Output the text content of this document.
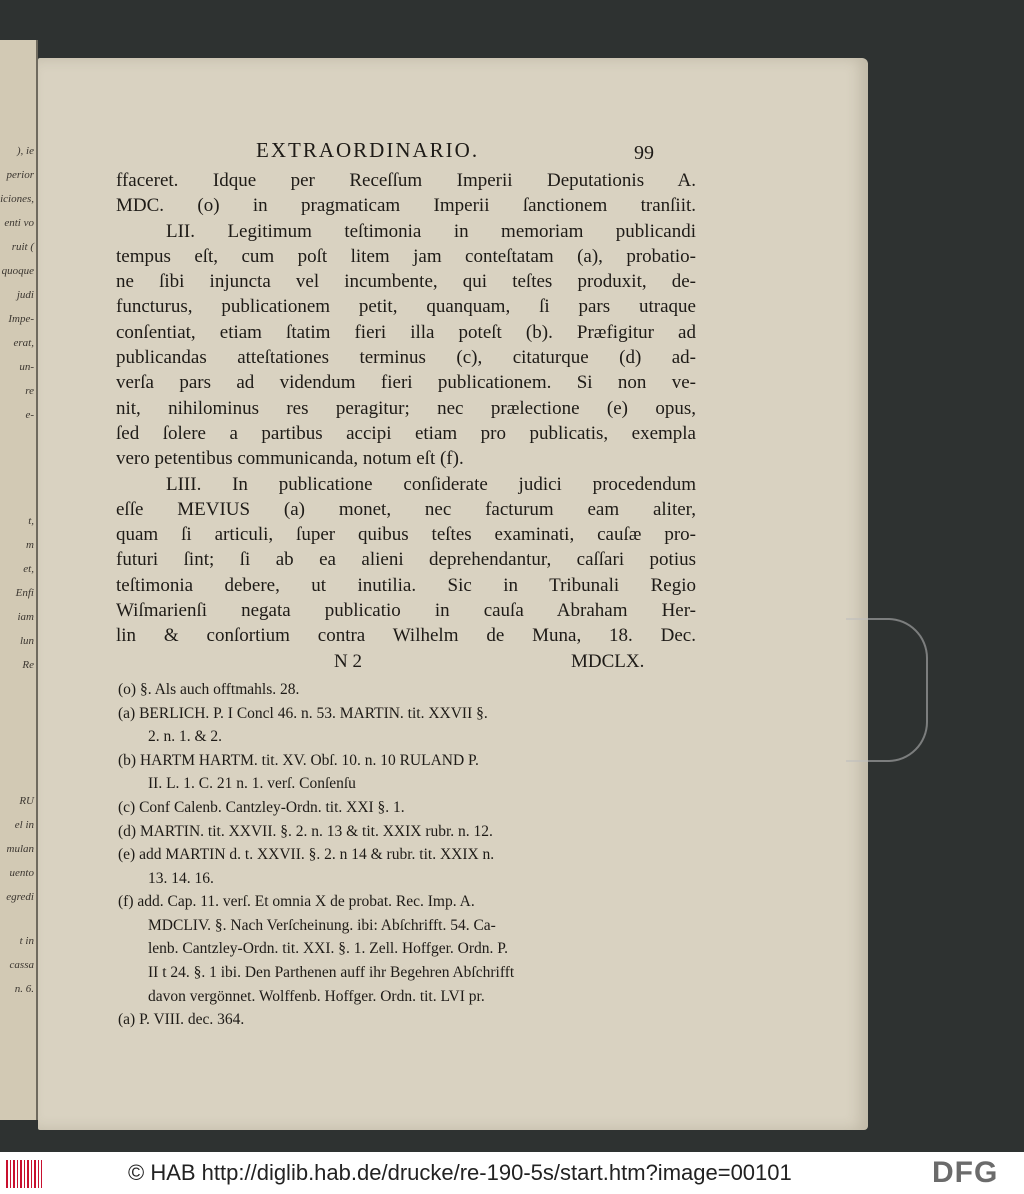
), ie
perior
iciones,
enti vo
ruit (
quoque
judi
Impe-
erat,
un-
re
e-
t,
m
et,
Enfi
iam
lun
Re
RU
el in
mulan
uento
egredi
t in
cassa
n. 6.
EXTRAORDINARIO.	99
ffaceret. Idque per Receſſum Imperii Deputationis A.
MDC. (o) in pragmaticam Imperii ſanctionem tranſiit.
LII. Legitimum teſtimonia in memoriam publicandi
tempus eſt, cum poſt litem jam conteſtatam (a), probatio-
ne ſibi injuncta vel incumbente, qui teſtes produxit, de-
functurus, publicationem petit, quanquam, ſi pars utraque
conſentiat, etiam ſtatim fieri illa poteſt (b). Præfigitur ad
publicandas atteſtationes terminus (c), citaturque (d) ad-
verſa pars ad videndum fieri publicationem. Si non ve-
nit, nihilominus res peragitur; nec prælectione (e) opus,
ſed ſolere a partibus accipi etiam pro publicatis, exempla
vero petentibus communicanda, notum eſt (f).
LIII. In publicatione conſiderate judici procedendum
eſſe MEVIUS (a) monet, nec facturum eam aliter,
quam ſi articuli, ſuper quibus teſtes examinati, cauſæ pro-
futuri ſint; ſi ab ea alieni deprehendantur, caſſari potius
teſtimonia debere, ut inutilia. Sic in Tribunali Regio
Wiſmarienſi negata publicatio in cauſa Abraham Her-
lin & conſortium contra Wilhelm de Muna, 18. Dec.
N 2                                            MDCLX.
(o) §. Als auch offtmahls. 28.
(a) BERLICH. P. I Concl 46. n. 53. MARTIN. tit. XXVII §.
2. n. 1. & 2.
(b) HARTM HARTM. tit. XV. Obſ. 10. n. 10 RULAND P.
II. L. 1. C. 21 n. 1. verſ. Conſenſu
(c) Conf Calenb. Cantzley-Ordn. tit. XXI §. 1.
(d) MARTIN. tit. XXVII. §. 2. n. 13 & tit. XXIX rubr. n. 12.
(e) add MARTIN d. t. XXVII. §. 2. n 14 & rubr. tit. XXIX n.
13. 14. 16.
(f) add. Cap. 11. verſ. Et omnia X de probat. Rec. Imp. A.
MDCLIV. §. Nach Verſcheinung. ibi: Abſchrifft. 54. Ca-
lenb. Cantzley-Ordn. tit. XXI. §. 1. Zell. Hoffger. Ordn. P.
II t 24. §. 1 ibi. Den Parthenen auff ihr Begehren Abſchrifft
davon vergönnet. Wolffenb. Hoffger. Ordn. tit. LVI pr.
(a) P. VIII. dec. 364.
© HAB http://diglib.hab.de/drucke/re-190-5s/start.htm?image=00101	DFG
